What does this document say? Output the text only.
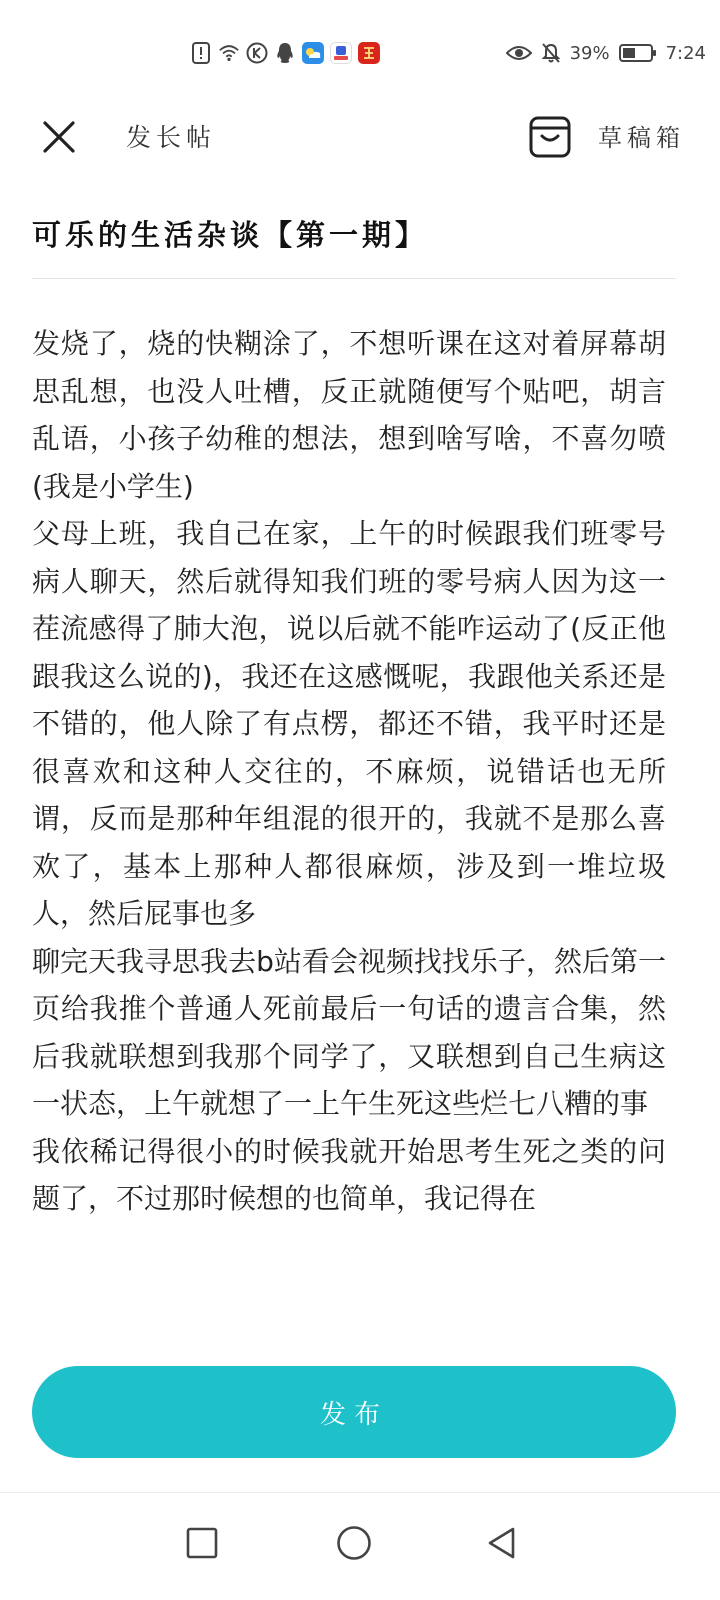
39%	7:24
发长帖	草稿箱
可乐的生活杂谈【第一期】

发烧了，烧的快糊涂了，不想听课在这对着屏幕胡思乱想，也没人吐槽，反正就随便写个贴吧，胡言乱语，小孩子幼稚的想法，想到啥写啥，不喜勿喷(我是小学生)

父母上班，我自己在家，上午的时候跟我们班零号病人聊天，然后就得知我们班的零号病人因为这一茬流感得了肺大泡，说以后就不能咋运动了(反正他跟我这么说的)，我还在这感慨呢，我跟他关系还是不错的，他人除了有点楞，都还不错，我平时还是很喜欢和这种人交往的，不麻烦，说错话也无所谓，反而是那种年组混的很开的，我就不是那么喜欢了，基本上那种人都很麻烦，涉及到一堆垃圾人，然后屁事也多

聊完天我寻思我去b站看会视频找找乐子，然后第一页给我推个普通人死前最后一句话的遗言合集，然后我就联想到我那个同学了，又联想到自己生病这一状态，上午就想了一上午生死这些烂七八糟的事

我依稀记得很小的时候我就开始思考生死之类的问题了，不过那时候想的也简单，我记得在

发布
